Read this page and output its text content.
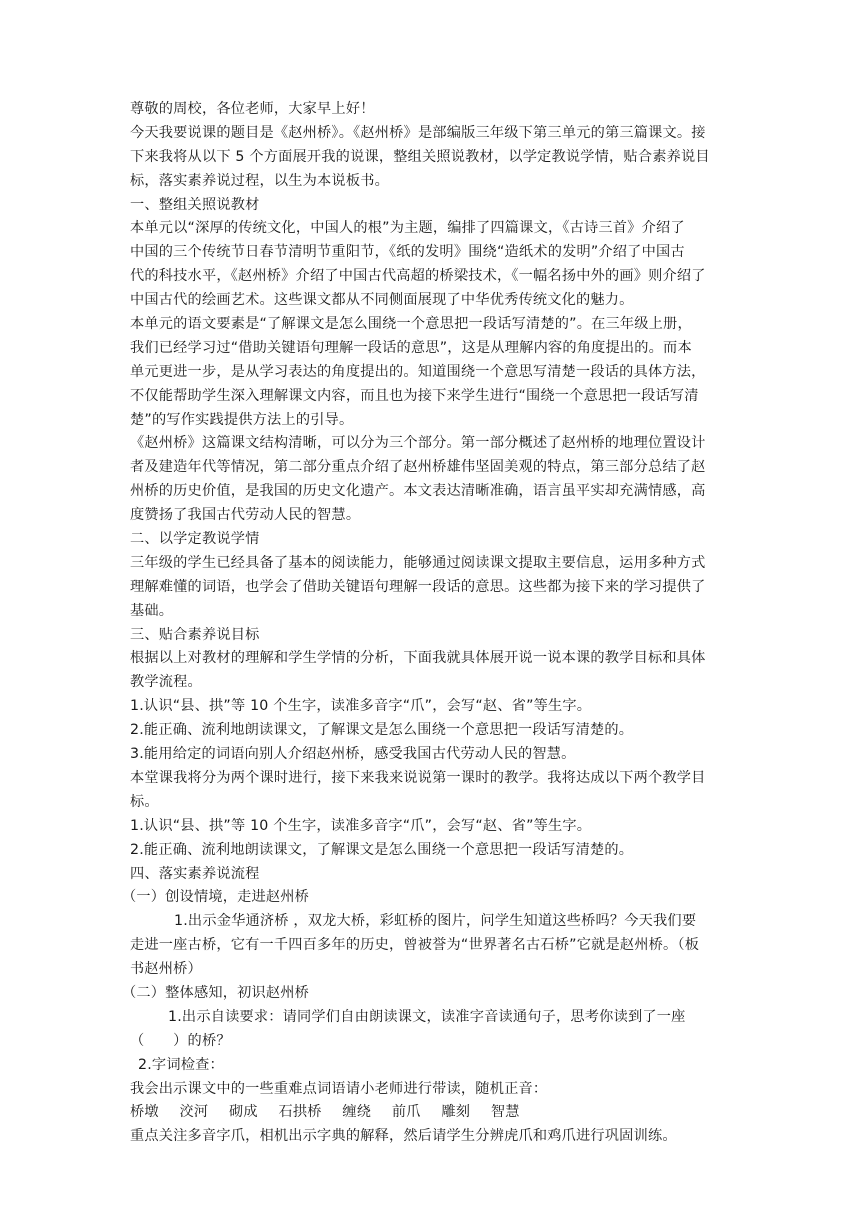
尊敬的周校，各位老师，大家早上好！
今天我要说课的题目是《赵州桥》。《赵州桥》是部编版三年级下第三单元的第三篇课文。接
下来我将从以下 5 个方面展开我的说课，整组关照说教材，以学定教说学情，贴合素养说目
标，落实素养说过程，以生为本说板书。
一、整组关照说教材
本单元以“深厚的传统文化，中国人的根”为主题，编排了四篇课文，《古诗三首》介绍了
中国的三个传统节日春节清明节重阳节，《纸的发明》围绕“造纸术的发明”介绍了中国古
代的科技水平，《赵州桥》介绍了中国古代高超的桥梁技术，《一幅名扬中外的画》则介绍了
中国古代的绘画艺术。这些课文都从不同侧面展现了中华优秀传统文化的魅力。
本单元的语文要素是“了解课文是怎么围绕一个意思把一段话写清楚的”。在三年级上册，
我们已经学习过“借助关键语句理解一段话的意思”，这是从理解内容的角度提出的。而本
单元更进一步，是从学习表达的角度提出的。知道围绕一个意思写清楚一段话的具体方法，
不仅能帮助学生深入理解课文内容，而且也为接下来学生进行“围绕一个意思把一段话写清
楚”的写作实践提供方法上的引导。
《赵州桥》这篇课文结构清晰，可以分为三个部分。第一部分概述了赵州桥的地理位置设计
者及建造年代等情况，第二部分重点介绍了赵州桥雄伟坚固美观的特点，第三部分总结了赵
州桥的历史价值，是我国的历史文化遗产。本文表达清晰准确，语言虽平实却充满情感，高
度赞扬了我国古代劳动人民的智慧。
二、以学定教说学情
三年级的学生已经具备了基本的阅读能力，能够通过阅读课文提取主要信息，运用多种方式
理解难懂的词语，也学会了借助关键语句理解一段话的意思。这些都为接下来的学习提供了
基础。
三、贴合素养说目标
根据以上对教材的理解和学生学情的分析，下面我就具体展开说一说本课的教学目标和具体
教学流程。
1.认识“县、拱”等 10 个生字，读准多音字“爪”，会写“赵、省”等生字。
2.能正确、流利地朗读课文，了解课文是怎么围绕一个意思把一段话写清楚的。
3.能用给定的词语向别人介绍赵州桥，感受我国古代劳动人民的智慧。
本堂课我将分为两个课时进行，接下来我来说说第一课时的教学。我将达成以下两个教学目
标。
1.认识“县、拱”等 10 个生字，读准多音字“爪”，会写“赵、省”等生字。
2.能正确、流利地朗读课文，了解课文是怎么围绕一个意思把一段话写清楚的。
四、落实素养说流程
（一）创设情境，走进赵州桥
1.出示金华通济桥 ，双龙大桥，彩虹桥的图片，问学生知道这些桥吗？今天我们要
走进一座古桥，它有一千四百多年的历史，曾被誉为“世界著名古石桥”它就是赵州桥。（板
书赵州桥）
（二）整体感知，初识赵州桥
1.出示自读要求：请同学们自由朗读课文，读准字音读通句子，思考你读到了一座
（　　）的桥？
2.字词检查：
我会出示课文中的一些重难点词语请小老师进行带读，随机正音：
桥墩 洨河 砌成 石拱桥 缠绕 前爪 雕刻 智慧
重点关注多音字爪，相机出示字典的解释，然后请学生分辨虎爪和鸡爪进行巩固训练。
